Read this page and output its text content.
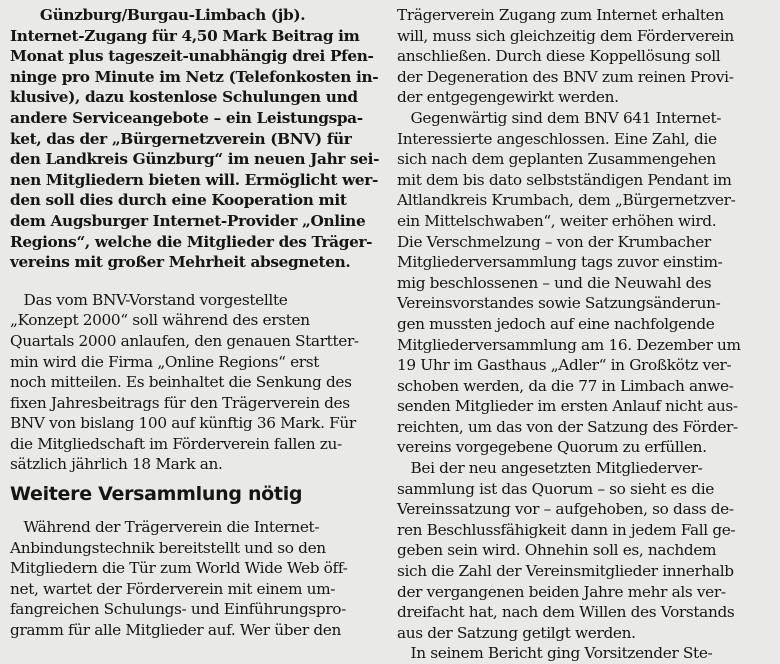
Günzburg/Burgau-Limbach (jb).
Internet-Zugang für 4,50 Mark Beitrag im
Monat plus tageszeit-unabhängig drei Pfen-
ninge pro Minute im Netz (Telefonkosten in-
klusive), dazu kostenlose Schulungen und
andere Serviceangebote – ein Leistungspa-
ket, das der „Bürgernetzverein (BNV) für
den Landkreis Günzburg“ im neuen Jahr sei-
nen Mitgliedern bieten will. Ermöglicht wer-
den soll dies durch eine Kooperation mit
dem Augsburger Internet-Provider „Online
Regions“, welche die Mitglieder des Träger-
vereins mit großer Mehrheit absegneten.
Das vom BNV-Vorstand vorgestellte
„Konzept 2000“ soll während des ersten
Quartals 2000 anlaufen, den genauen Startter-
min wird die Firma „Online Regions“ erst
noch mitteilen. Es beinhaltet die Senkung des
fixen Jahresbeitrags für den Trägerverein des
BNV von bislang 100 auf künftig 36 Mark. Für
die Mitgliedschaft im Förderverein fallen zu-
sätzlich jährlich 18 Mark an.
Weitere Versammlung nötig
Während der Trägerverein die Internet-
Anbindungstechnik bereitstellt und so den
Mitgliedern die Tür zum World Wide Web öff-
net, wartet der Förderverein mit einem um-
fangreichen Schulungs- und Einführungspro-
gramm für alle Mitglieder auf. Wer über den
Trägerverein Zugang zum Internet erhalten
will, muss sich gleichzeitig dem Förderverein
anschließen. Durch diese Koppellösung soll
der Degeneration des BNV zum reinen Provi-
der entgegengewirkt werden.
Gegenwärtig sind dem BNV 641 Internet-
Interessierte angeschlossen. Eine Zahl, die
sich nach dem geplanten Zusammengehen
mit dem bis dato selbstständigen Pendant im
Altlandkreis Krumbach, dem „Bürgernetzver-
ein Mittelschwaben“, weiter erhöhen wird.
Die Verschmelzung – von der Krumbacher
Mitgliederversammlung tags zuvor einstim-
mig beschlossenen – und die Neuwahl des
Vereinsvorstandes sowie Satzungsänderun-
gen mussten jedoch auf eine nachfolgende
Mitgliederversammlung am 16. Dezember um
19 Uhr im Gasthaus „Adler“ in Großkötz ver-
schoben werden, da die 77 in Limbach anwe-
senden Mitglieder im ersten Anlauf nicht aus-
reichten, um das von der Satzung des Förder-
vereins vorgegebene Quorum zu erfüllen.
Bei der neu angesetzten Mitgliederver-
sammlung ist das Quorum – so sieht es die
Vereinssatzung vor – aufgehoben, so dass de-
ren Beschlussfähigkeit dann in jedem Fall ge-
geben sein wird. Ohnehin soll es, nachdem
sich die Zahl der Vereinsmitglieder innerhalb
der vergangenen beiden Jahre mehr als ver-
dreifacht hat, nach dem Willen des Vorstands
aus der Satzung getilgt werden.
In seinem Bericht ging Vorsitzender Ste-
